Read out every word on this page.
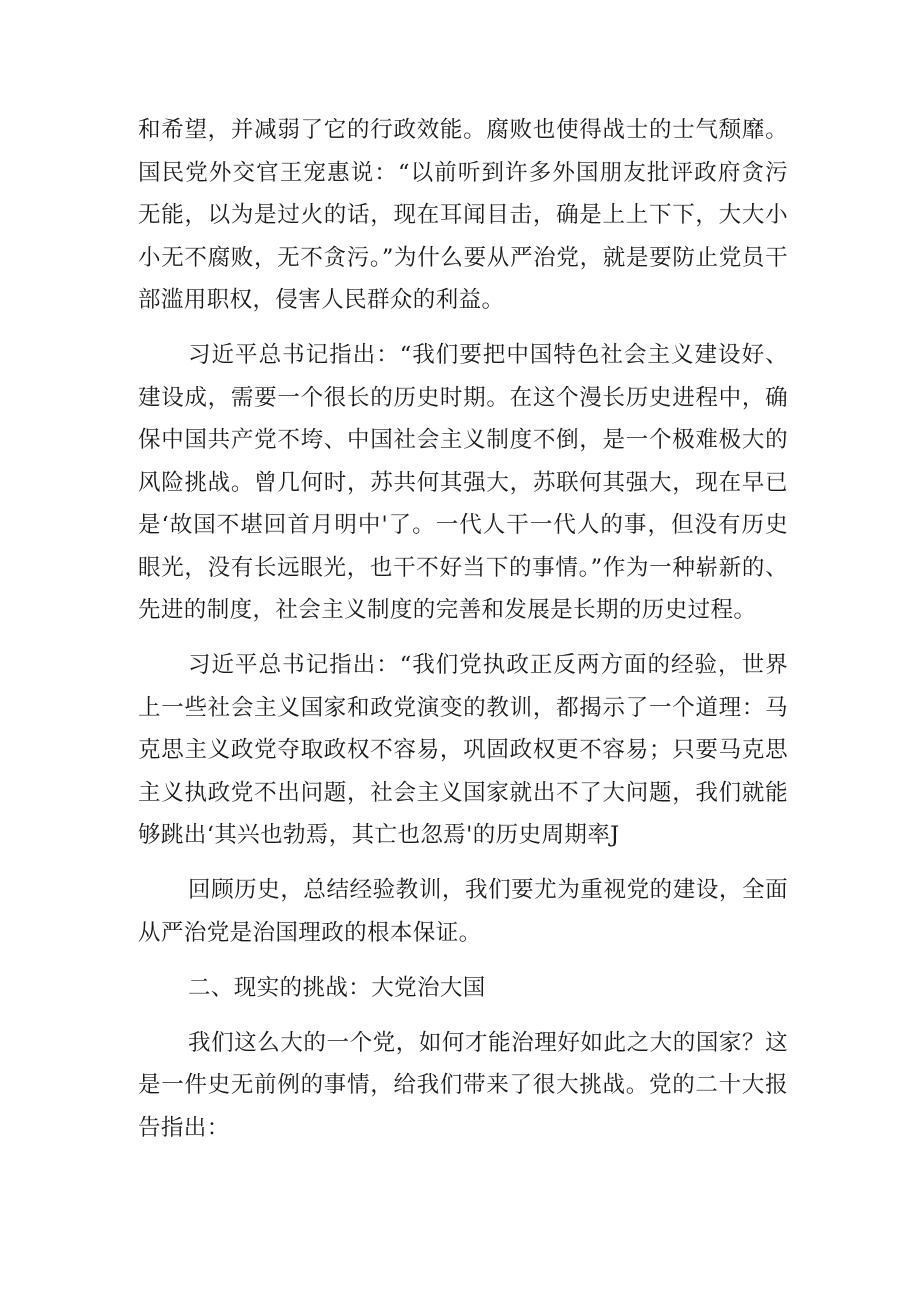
和希望，并减弱了它的行政效能。腐败也使得战士的士气颓靡。国民党外交官王宠惠说：“以前听到许多外国朋友批评政府贪污无能，以为是过火的话，现在耳闻目击，确是上上下下，大大小小无不腐败，无不贪污。”为什么要从严治党，就是要防止党员干部滥用职权，侵害人民群众的利益。

习近平总书记指出：“我们要把中国特色社会主义建设好、建设成，需要一个很长的历史时期。在这个漫长历史进程中，确保中国共产党不垮、中国社会主义制度不倒，是一个极难极大的风险挑战。曾几何时，苏共何其强大，苏联何其强大，现在早已是‘故国不堪回首月明中'了。一代人干一代人的事，但没有历史眼光，没有长远眼光，也干不好当下的事情。”作为一种崭新的、先进的制度，社会主义制度的完善和发展是长期的历史过程。

习近平总书记指出：“我们党执政正反两方面的经验，世界上一些社会主义国家和政党演变的教训，都揭示了一个道理：马克思主义政党夺取政权不容易，巩固政权更不容易；只要马克思主义执政党不出问题，社会主义国家就出不了大问题，我们就能够跳出‘其兴也勃焉，其亡也忽焉'的历史周期率J

回顾历史，总结经验教训，我们要尤为重视党的建设，全面从严治党是治国理政的根本保证。

二、现实的挑战：大党治大国

我们这么大的一个党，如何才能治理好如此之大的国家？这是一件史无前例的事情，给我们带来了很大挑战。党的二十大报告指出：
